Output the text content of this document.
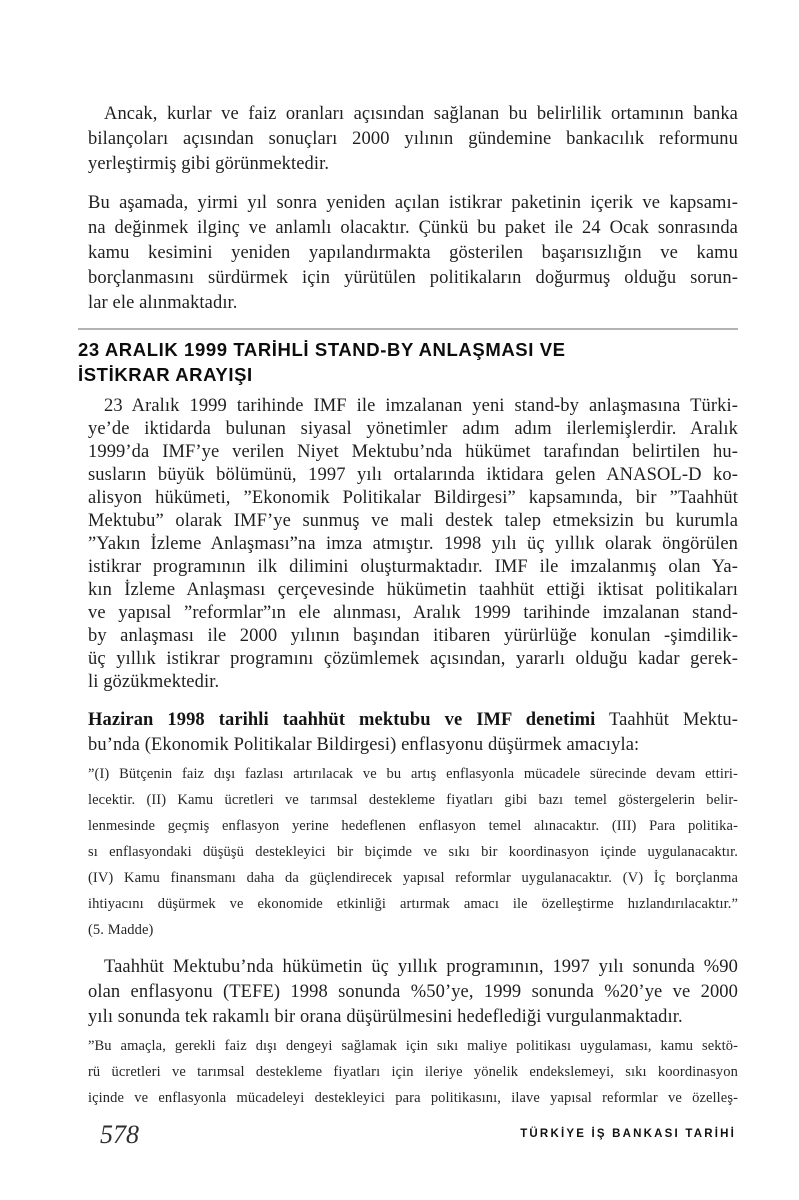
Ancak, kurlar ve faiz oranları açısından sağlanan bu belirlilik ortamının banka
bilançoları açısından sonuçları 2000 yılının gündemine bankacılık reformunu
yerleştirmiş gibi görünmektedir.
Bu aşamada, yirmi yıl sonra yeniden açılan istikrar paketinin içerik ve kapsamı-
na değinmek ilginç ve anlamlı olacaktır. Çünkü bu paket ile 24 Ocak sonrasında
kamu kesimini yeniden yapılandırmakta gösterilen başarısızlığın ve kamu
borçlanmasını sürdürmek için yürütülen politikaların doğurmuş olduğu sorun-
lar ele alınmaktadır.
23 ARALIK 1999 TARİHLİ STAND-BY ANLAŞMASI VE
İSTİKRAR ARAYIŞI
23 Aralık 1999 tarihinde IMF ile imzalanan yeni stand-by anlaşmasına Türki-
ye’de iktidarda bulunan siyasal yönetimler adım adım ilerlemişlerdir. Aralık
1999’da IMF’ye verilen Niyet Mektubu’nda hükümet tarafından belirtilen hu-
susların büyük bölümünü, 1997 yılı ortalarında iktidara gelen ANASOL-D ko-
alisyon hükümeti, ”Ekonomik Politikalar Bildirgesi” kapsamında, bir ”Taahhüt
Mektubu” olarak IMF’ye sunmuş ve mali destek talep etmeksizin bu kurumla
”Yakın İzleme Anlaşması”na imza atmıştır. 1998 yılı üç yıllık olarak öngörülen
istikrar programının ilk dilimini oluşturmaktadır. IMF ile imzalanmış olan Ya-
kın İzleme Anlaşması çerçevesinde hükümetin taahhüt ettiği iktisat politikaları
ve yapısal ”reformlar”ın ele alınması, Aralık 1999 tarihinde imzalanan stand-
by anlaşması ile 2000 yılının başından itibaren yürürlüğe konulan -şimdilik-
üç yıllık istikrar programını çözümlemek açısından, yararlı olduğu kadar gerek-
li gözükmektedir.
Haziran 1998 tarihli taahhüt mektubu ve IMF denetimi Taahhüt Mektu-
bu’nda (Ekonomik Politikalar Bildirgesi) enflasyonu düşürmek amacıyla:
”(I) Bütçenin faiz dışı fazlası artırılacak ve bu artış enflasyonla mücadele sürecinde devam ettiri-
lecektir. (II) Kamu ücretleri ve tarımsal destekleme fiyatları gibi bazı temel göstergelerin belir-
lenmesinde geçmiş enflasyon yerine hedeflenen enflasyon temel alınacaktır. (III) Para politika-
sı enflasyondaki düşüşü destekleyici bir biçimde ve sıkı bir koordinasyon içinde uygulanacaktır.
(IV) Kamu finansmanı daha da güçlendirecek yapısal reformlar uygulanacaktır. (V) İç borçlanma
ihtiyacını düşürmek ve ekonomide etkinliği artırmak amacı ile özelleştirme hızlandırılacaktır.”
(5. Madde)
Taahhüt Mektubu’nda hükümetin üç yıllık programının, 1997 yılı sonunda %90
olan enflasyonu (TEFE) 1998 sonunda %50’ye, 1999 sonunda %20’ye ve 2000
yılı sonunda tek rakamlı bir orana düşürülmesini hedeflediği vurgulanmaktadır.
”Bu amaçla, gerekli faiz dışı dengeyi sağlamak için sıkı maliye politikası uygulaması, kamu sektö-
rü ücretleri ve tarımsal destekleme fiyatları için ileriye yönelik endekslemeyi, sıkı koordinasyon
içinde ve enflasyonla mücadeleyi destekleyici para politikasını, ilave yapısal reformlar ve özelleş-
578	TÜRKİYE İŞ BANKASI TARİHİ
